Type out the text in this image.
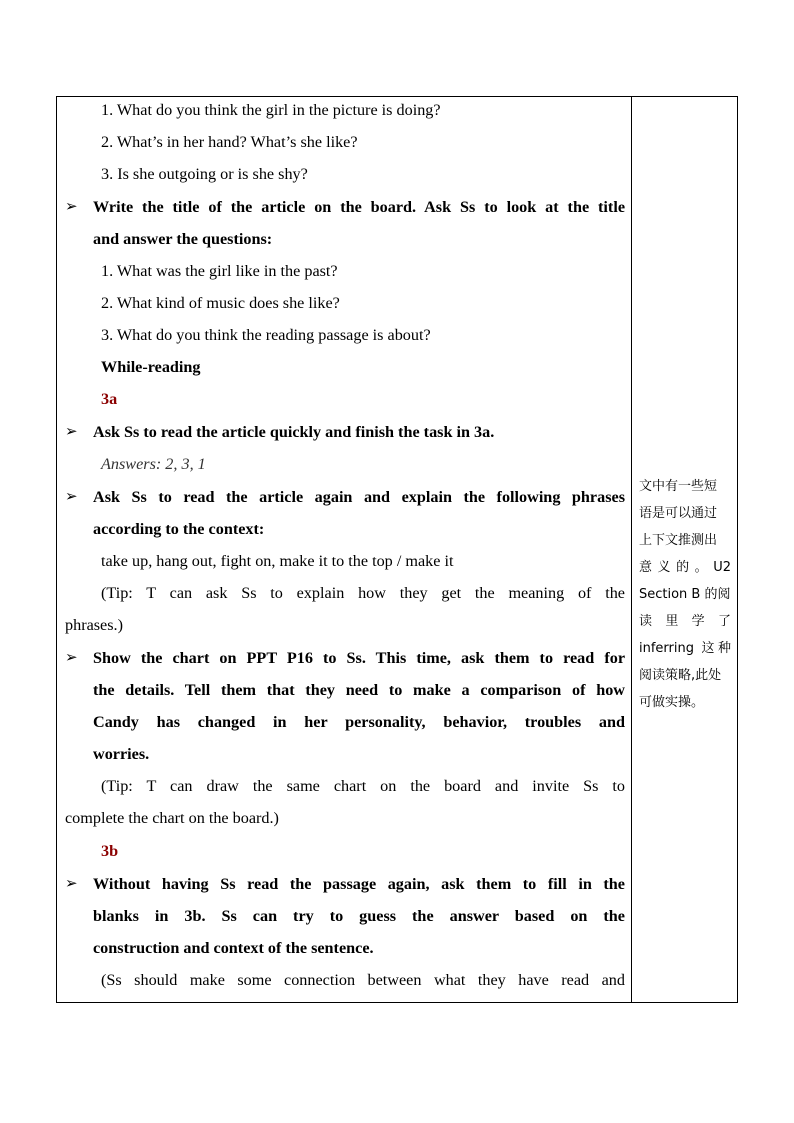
1. What do you think the girl in the picture is doing?
2. What’s in her hand? What’s she like?
3. Is she outgoing or is she shy?
➢ Write the title of the article on the board. Ask Ss to look at the title
and answer the questions:
1. What was the girl like in the past?
2. What kind of music does she like?
3. What do you think the reading passage is about?
While-reading
3a
➢ Ask Ss to read the article quickly and finish the task in 3a.
Answers: 2, 3, 1
➢ Ask Ss to read the article again and explain the following phrases
according to the context:
take up, hang out, fight on, make it to the top / make it
(Tip: T can ask Ss to explain how they get the meaning of the
phrases.)
➢ Show the chart on PPT P16 to Ss. This time, ask them to read for
the details. Tell them that they need to make a comparison of how
Candy has changed in her personality, behavior, troubles and
worries.
(Tip: T can draw the same chart on the board and invite Ss to
complete the chart on the board.)
3b
➢ Without having Ss read the passage again, ask them to fill in the
blanks in 3b. Ss can try to guess the answer based on the
construction and context of the sentence.
(Ss should make some connection between what they have read and
文中有一些短
语是可以通过
上下文推测出
意 义 的 。 U2
Section B 的阅
读 里 学 了
inferring 这种
阅读策略,此处
可做实操。
